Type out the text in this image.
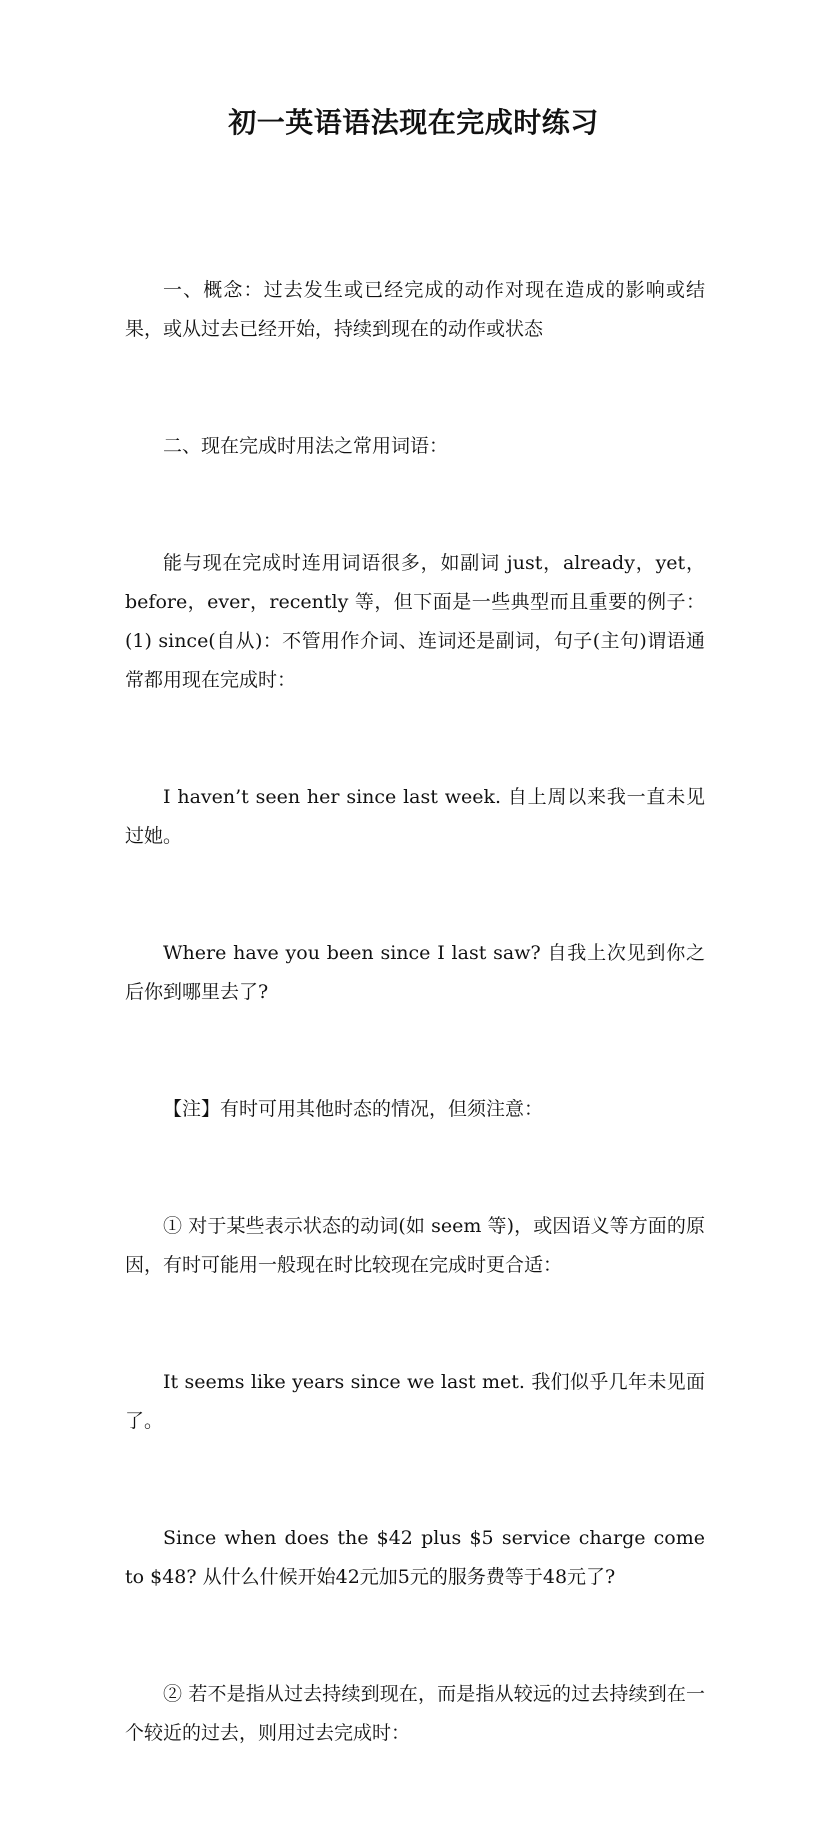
初一英语语法现在完成时练习

一、概念：过去发生或已经完成的动作对现在造成的影响或结果，或从过去已经开始，持续到现在的动作或状态

二、现在完成时用法之常用词语：

能与现在完成时连用词语很多，如副词 just，already，yet，before，ever，recently 等，但下面是一些典型而且重要的例子：(1) since(自从)：不管用作介词、连词还是副词，句子(主句)谓语通常都用现在完成时：

I haven’t seen her since last week. 自上周以来我一直未见过她。

Where have you been since I last saw? 自我上次见到你之后你到哪里去了?

【注】有时可用其他时态的情况，但须注意：

① 对于某些表示状态的动词(如 seem 等)，或因语义等方面的原因，有时可能用一般现在时比较现在完成时更合适：

It seems like years since we last met. 我们似乎几年未见面了。

Since when does the $42 plus $5 service charge come to $48? 从什么什候开始42元加5元的服务费等于48元了?

② 若不是指从过去持续到现在，而是指从较远的过去持续到在一个较近的过去，则用过去完成时：
